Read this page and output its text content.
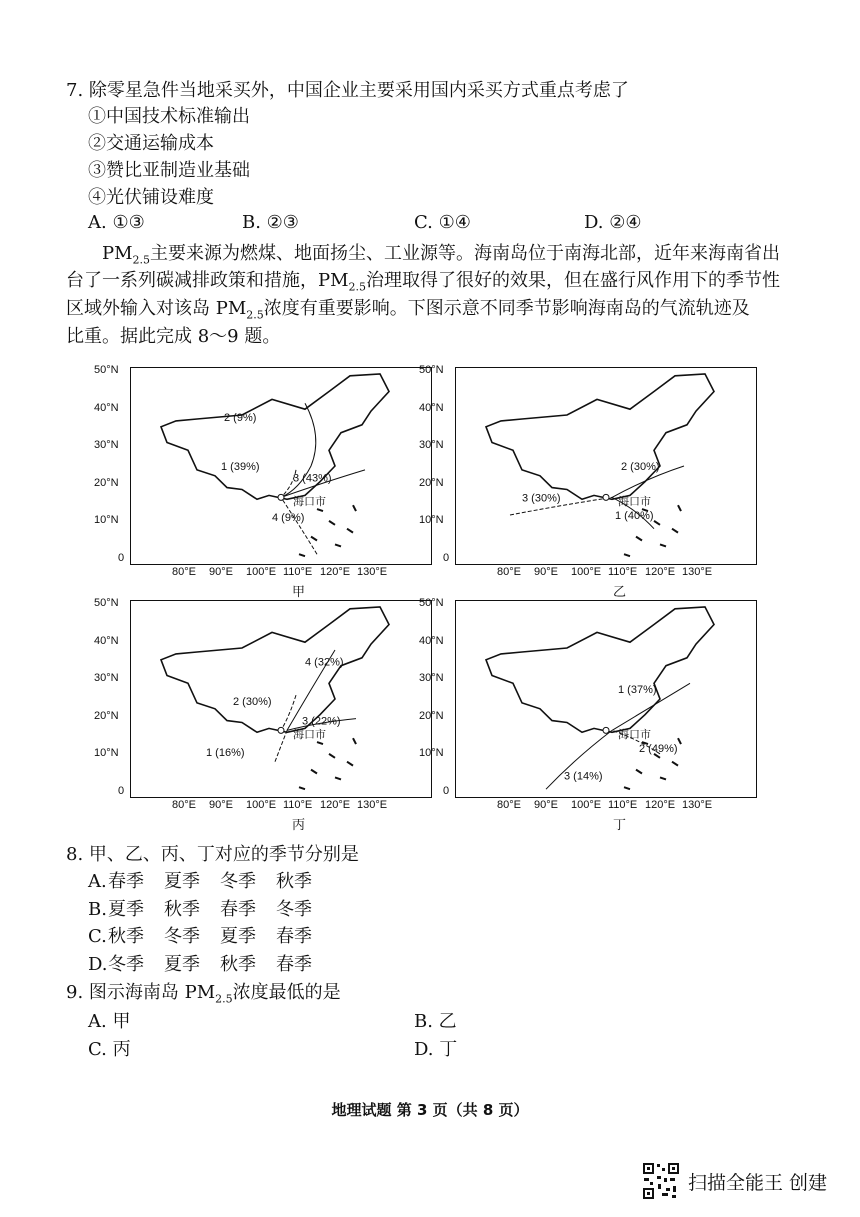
7. 除零星急件当地采买外，中国企业主要采用国内采买方式重点考虑了
①中国技术标准输出
②交通运输成本
③赞比亚制造业基础
④光伏铺设难度
A. ①③	B. ②③	C. ①④	D. ②④
$PM_{2.5}$主要来源为燃煤、地面扬尘、工业源等。海南岛位于南海北部，近年来海南省出
台了一系列碳减排政策和措施，$PM_{2.5}$治理取得了很好的效果，但在盛行风作用下的季节性
区域外输入对该岛 $PM_{2.5}$浓度有重要影响。下图示意不同季节影响海南岛的气流轨迹及
比重。据此完成 8～9 题。
50°N
40°N
30°N
20°N
10°N
0
海口市
2 (9%)
1 (39%)
3 (43%)
4 (9%)
80°E 90°E 100°E 110°E 120°E 130°E
甲
50°N
40°N
30°N
20°N
10°N
0
海口市
2 (30%)
3 (30%)
1 (40%)
80°E 90°E 100°E 110°E 120°E 130°E
乙
50°N
40°N
30°N
20°N
10°N
0
海口市
4 (32%)
2 (30%)
3 (22%)
1 (16%)
80°E 90°E 100°E 110°E 120°E 130°E
丙
50°N
40°N
30°N
20°N
10°N
0
海口市
1 (37%)
2 (49%)
3 (14%)
80°E 90°E 100°E 110°E 120°E 130°E
丁
8. 甲、乙、丙、丁对应的季节分别是
A.春季 夏季 冬季 秋季
B.夏季 秋季 春季 冬季
C.秋季 冬季 夏季 春季
D.冬季 夏季 秋季 春季
9. 图示海南岛 $PM_{2.5}$浓度最低的是
A. 甲	B. 乙
C. 丙	D. 丁
地理试题 第 3 页（共 8 页）
扫描全能王 创建
